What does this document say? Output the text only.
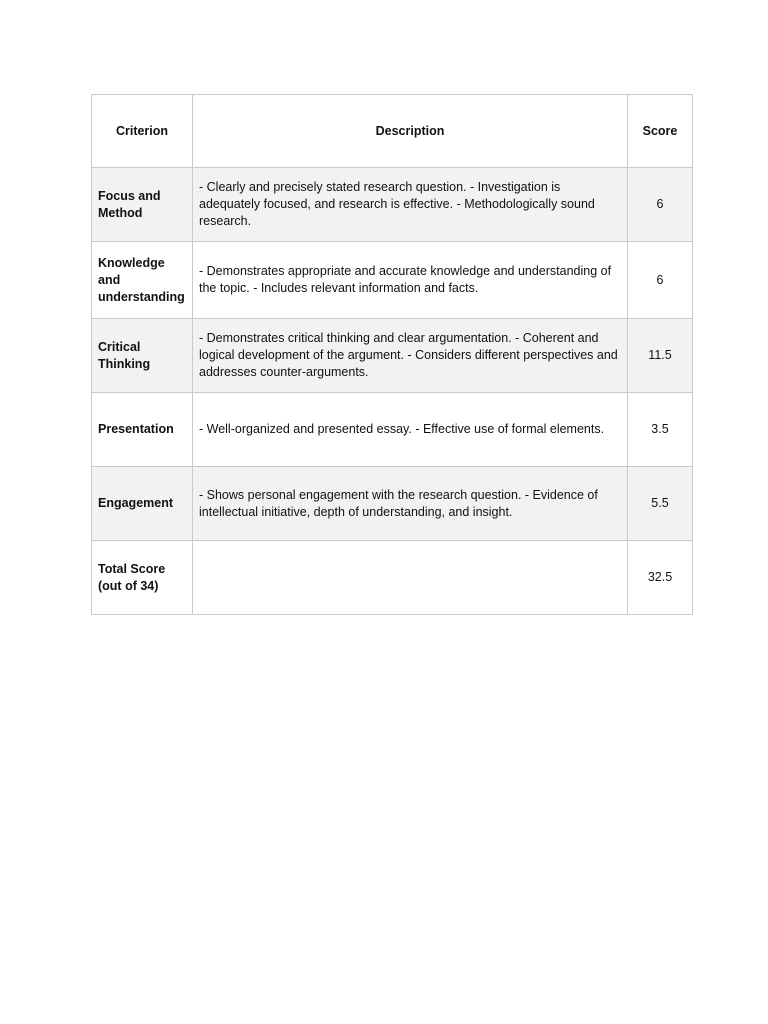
Criterion	Description	Score
Focus and Method	- Clearly and precisely stated research question. - Investigation is adequately focused, and research is effective. - Methodologically sound research.	6
Knowledge and understanding	- Demonstrates appropriate and accurate knowledge and understanding of the topic. - Includes relevant information and facts.	6
Critical Thinking	- Demonstrates critical thinking and clear argumentation. - Coherent and logical development of the argument. - Considers different perspectives and addresses counter-arguments.	11.5
Presentation	- Well-organized and presented essay. - Effective use of formal elements.	3.5
Engagement	- Shows personal engagement with the research question. - Evidence of intellectual initiative, depth of understanding, and insight.	5.5
Total Score (out of 34)		32.5
